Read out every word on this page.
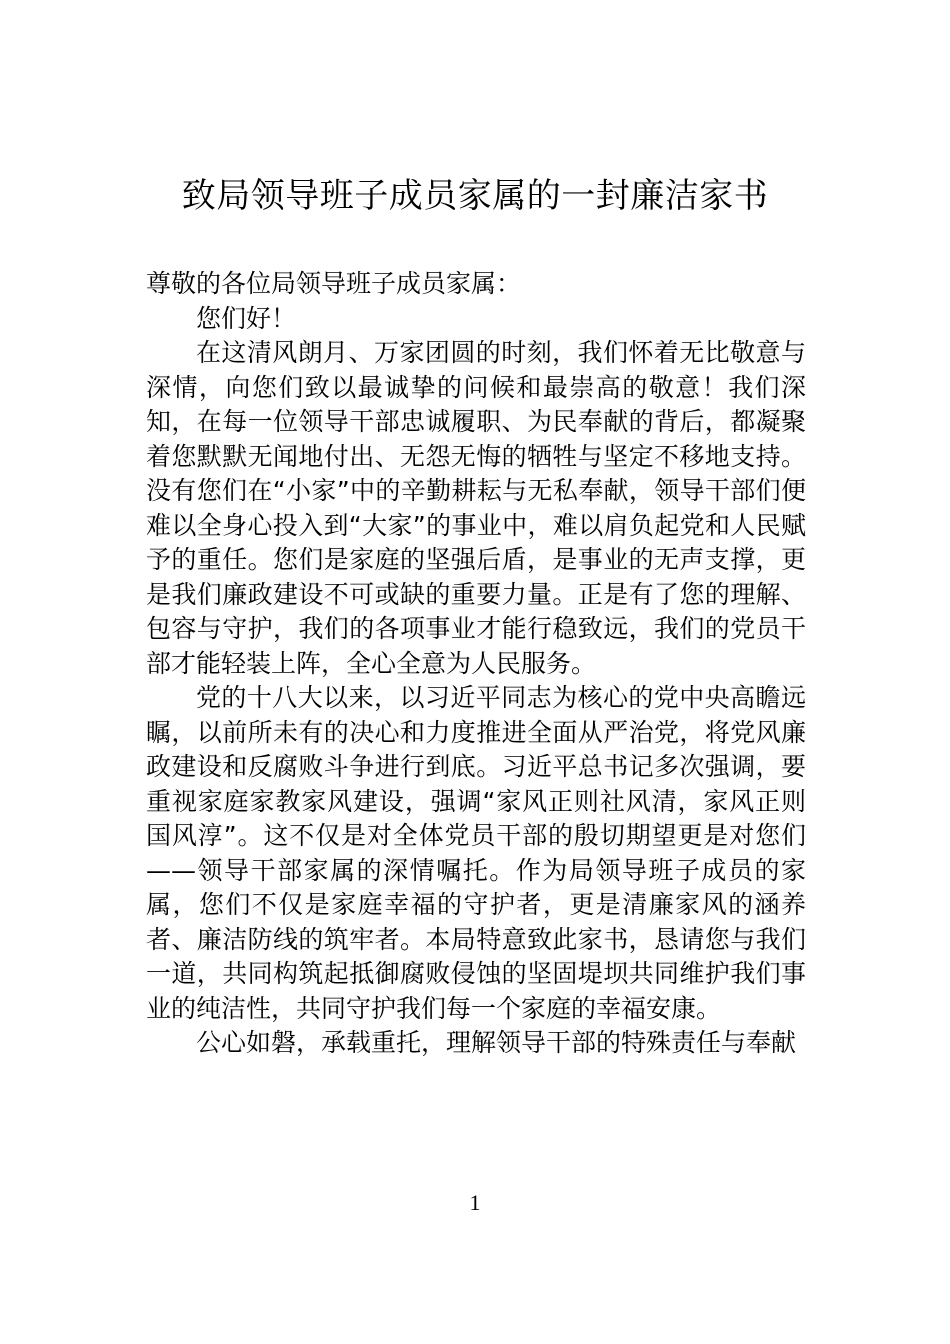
致局领导班子成员家属的一封廉洁家书

尊敬的各位局领导班子成员家属：

您们好！

在这清风朗月、万家团圆的时刻，我们怀着无比敬意与深情，向您们致以最诚挚的问候和最崇高的敬意！我们深知，在每一位领导干部忠诚履职、为民奉献的背后，都凝聚着您默默无闻地付出、无怨无悔的牺牲与坚定不移地支持。没有您们在“小家”中的辛勤耕耘与无私奉献，领导干部们便难以全身心投入到“大家”的事业中，难以肩负起党和人民赋予的重任。您们是家庭的坚强后盾，是事业的无声支撑，更是我们廉政建设不可或缺的重要力量。正是有了您的理解、包容与守护，我们的各项事业才能行稳致远，我们的党员干部才能轻装上阵，全心全意为人民服务。

党的十八大以来，以习近平同志为核心的党中央高瞻远瞩，以前所未有的决心和力度推进全面从严治党，将党风廉政建设和反腐败斗争进行到底。习近平总书记多次强调，要重视家庭家教家风建设，强调“家风正则社风清，家风正则国风淳”。这不仅是对全体党员干部的殷切期望更是对您们——领导干部家属的深情嘱托。作为局领导班子成员的家属，您们不仅是家庭幸福的守护者，更是清廉家风的涵养者、廉洁防线的筑牢者。本局特意致此家书，恳请您与我们一道，共同构筑起抵御腐败侵蚀的坚固堤坝共同维护我们事业的纯洁性，共同守护我们每一个家庭的幸福安康。

公心如磐，承载重托，理解领导干部的特殊责任与奉献

1
